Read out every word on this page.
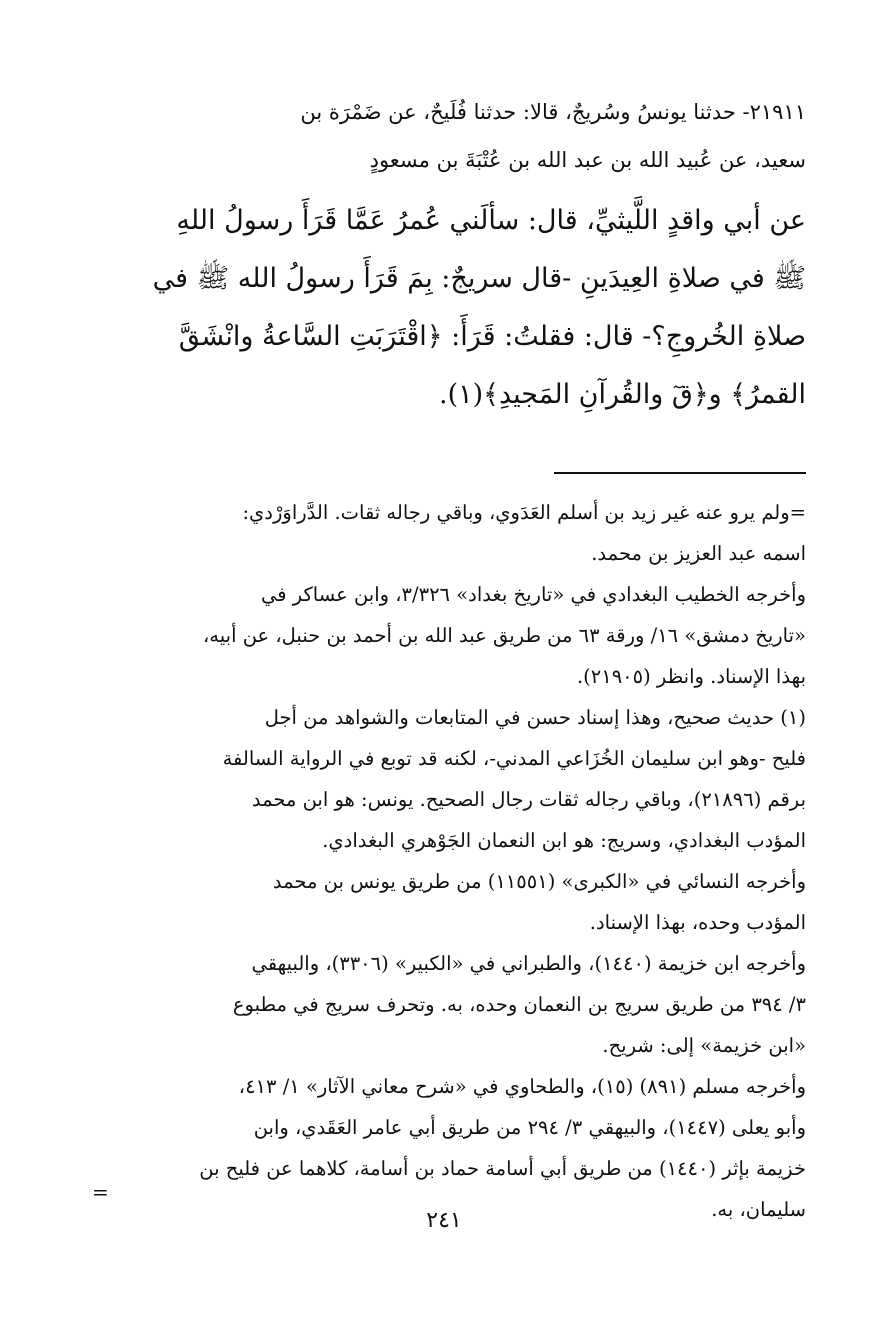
٢١٩١١- حدثنا يونسُ وسُريجٌ، قالا: حدثنا فُلَيحٌ، عن ضَمْرَة بن

سعيد، عن عُبيد الله بن عبد الله بن عُتْبَةَ بن مسعودٍ

عن أبي واقدٍ اللَّيثيِّ، قال: سألَني عُمرُ عَمَّا قَرَأَ رسولُ اللهِ

ﷺ في صلاةِ العِيدَينِ -قال سريجٌ: بِمَ قَرَأَ رسولُ الله ﷺ في

صلاةِ الخُروجِ؟- قال: فقلتُ: قَرَأَ: ﴿اقْتَرَبَتِ السَّاعةُ وانْشَقَّ

القمرُ﴾ و﴿قٓ والقُرآنِ المَجيدِ﴾(١).

=ولم يرو عنه غير زيد بن أسلم العَدَوي، وباقي رجاله ثقات. الدَّراوَرْدي:

اسمه عبد العزيز بن محمد.

وأخرجه الخطيب البغدادي في «تاريخ بغداد» ٣/٣٢٦، وابن عساكر في

«تاريخ دمشق» ١٦/ ورقة ٦٣ من طريق عبد الله بن أحمد بن حنبل، عن أبيه،

بهذا الإسناد. وانظر (٢١٩٠٥).

(١) حديث صحيح، وهذا إسناد حسن في المتابعات والشواهد من أجل

فليح -وهو ابن سليمان الخُزَاعي المدني-، لكنه قد توبع في الرواية السالفة

برقم (٢١٨٩٦)، وباقي رجاله ثقات رجال الصحيح. يونس: هو ابن محمد

المؤدب البغدادي، وسريج: هو ابن النعمان الجَوْهري البغدادي.

وأخرجه النسائي في «الكبرى» (١١٥٥١) من طريق يونس بن محمد

المؤدب وحده، بهذا الإسناد.

وأخرجه ابن خزيمة (١٤٤٠)، والطبراني في «الكبير» (٣٣٠٦)، والبيهقي

٣/ ٣٩٤ من طريق سريج بن النعمان وحده، به. وتحرف سريج في مطبوع

«ابن خزيمة» إلى: شريح.

وأخرجه مسلم (٨٩١) (١٥)، والطحاوي في «شرح معاني الآثار» ١/ ٤١٣،

وأبو يعلى (١٤٤٧)، والبيهقي ٣/ ٢٩٤ من طريق أبي عامر العَقَدي، وابن

خزيمة بإثر (١٤٤٠) من طريق أبي أسامة حماد بن أسامة، كلاهما عن فليح بن

سليمان، به.

=
٢٤١
